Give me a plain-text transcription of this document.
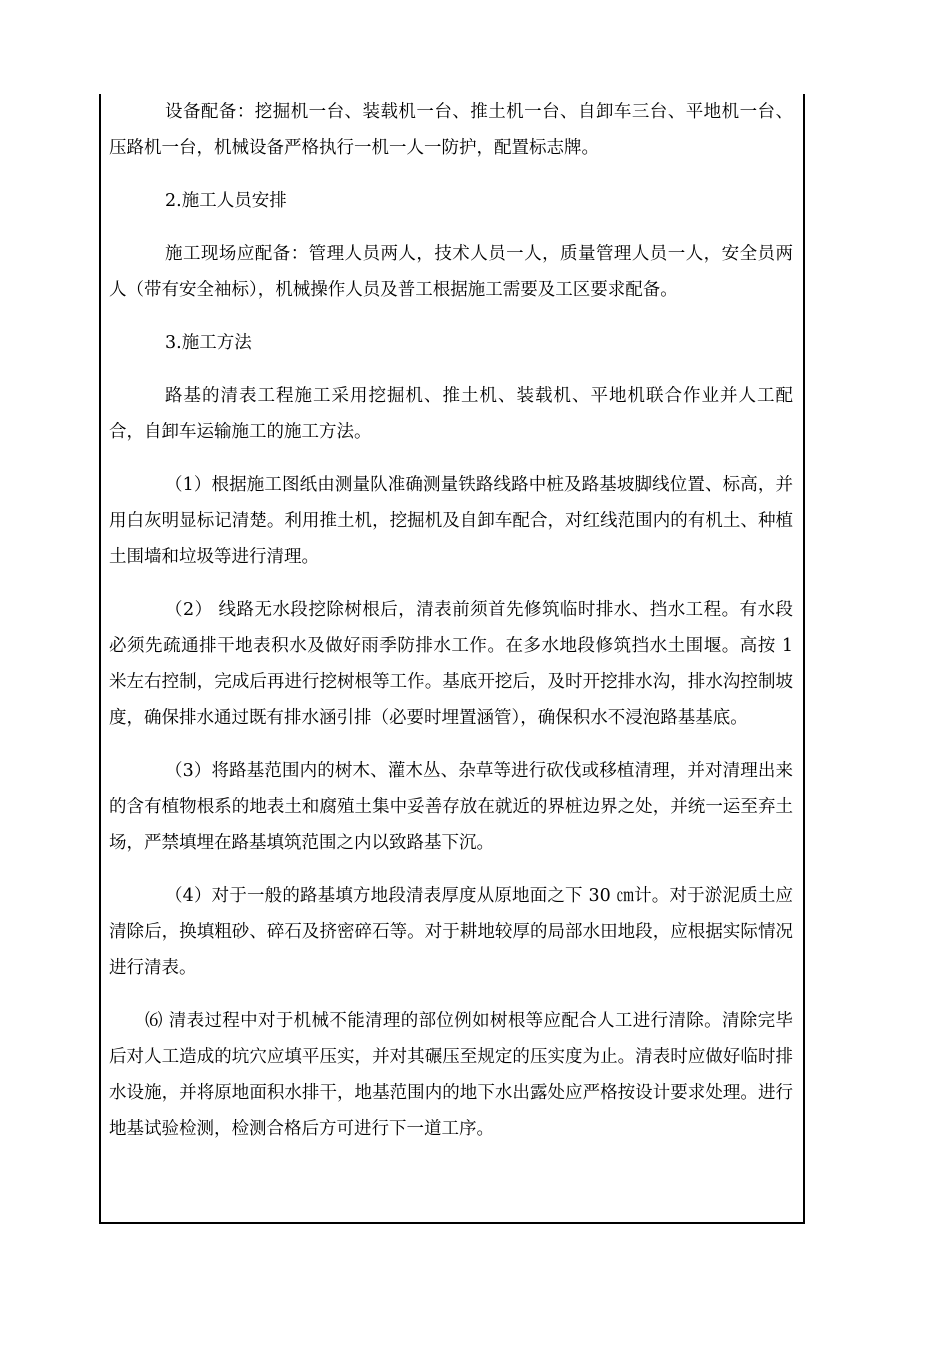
设备配备：挖掘机一台、装载机一台、推土机一台、自卸车三台、平地机一台、压路机一台，机械设备严格执行一机一人一防护，配置标志牌。

2.施工人员安排

施工现场应配备：管理人员两人，技术人员一人，质量管理人员一人，安全员两人（带有安全袖标），机械操作人员及普工根据施工需要及工区要求配备。

3.施工方法

路基的清表工程施工采用挖掘机、推土机、装载机、平地机联合作业并人工配合，自卸车运输施工的施工方法。

（1）根据施工图纸由测量队准确测量铁路线路中桩及路基坡脚线位置、标高，并用白灰明显标记清楚。利用推土机，挖掘机及自卸车配合，对红线范围内的有机土、种植土围墙和垃圾等进行清理。

（2） 线路无水段挖除树根后，清表前须首先修筑临时排水、挡水工程。有水段必须先疏通排干地表积水及做好雨季防排水工作。在多水地段修筑挡水土围堰。高按 1 米左右控制，完成后再进行挖树根等工作。基底开挖后，及时开挖排水沟，排水沟控制坡度，确保排水通过既有排水涵引排（必要时埋置涵管），确保积水不浸泡路基基底。

（3）将路基范围内的树木、灌木丛、杂草等进行砍伐或移植清理，并对清理出来的含有植物根系的地表土和腐殖土集中妥善存放在就近的界桩边界之处，并统一运至弃土场，严禁填埋在路基填筑范围之内以致路基下沉。

（4）对于一般的路基填方地段清表厚度从原地面之下 30 ㎝计。对于淤泥质土应清除后，换填粗砂、碎石及挤密碎石等。对于耕地较厚的局部水田地段，应根据实际情况进行清表。

⑹ 清表过程中对于机械不能清理的部位例如树根等应配合人工进行清除。清除完毕后对人工造成的坑穴应填平压实，并对其碾压至规定的压实度为止。清表时应做好临时排水设施，并将原地面积水排干，地基范围内的地下水出露处应严格按设计要求处理。进行地基试验检测，检测合格后方可进行下一道工序。
